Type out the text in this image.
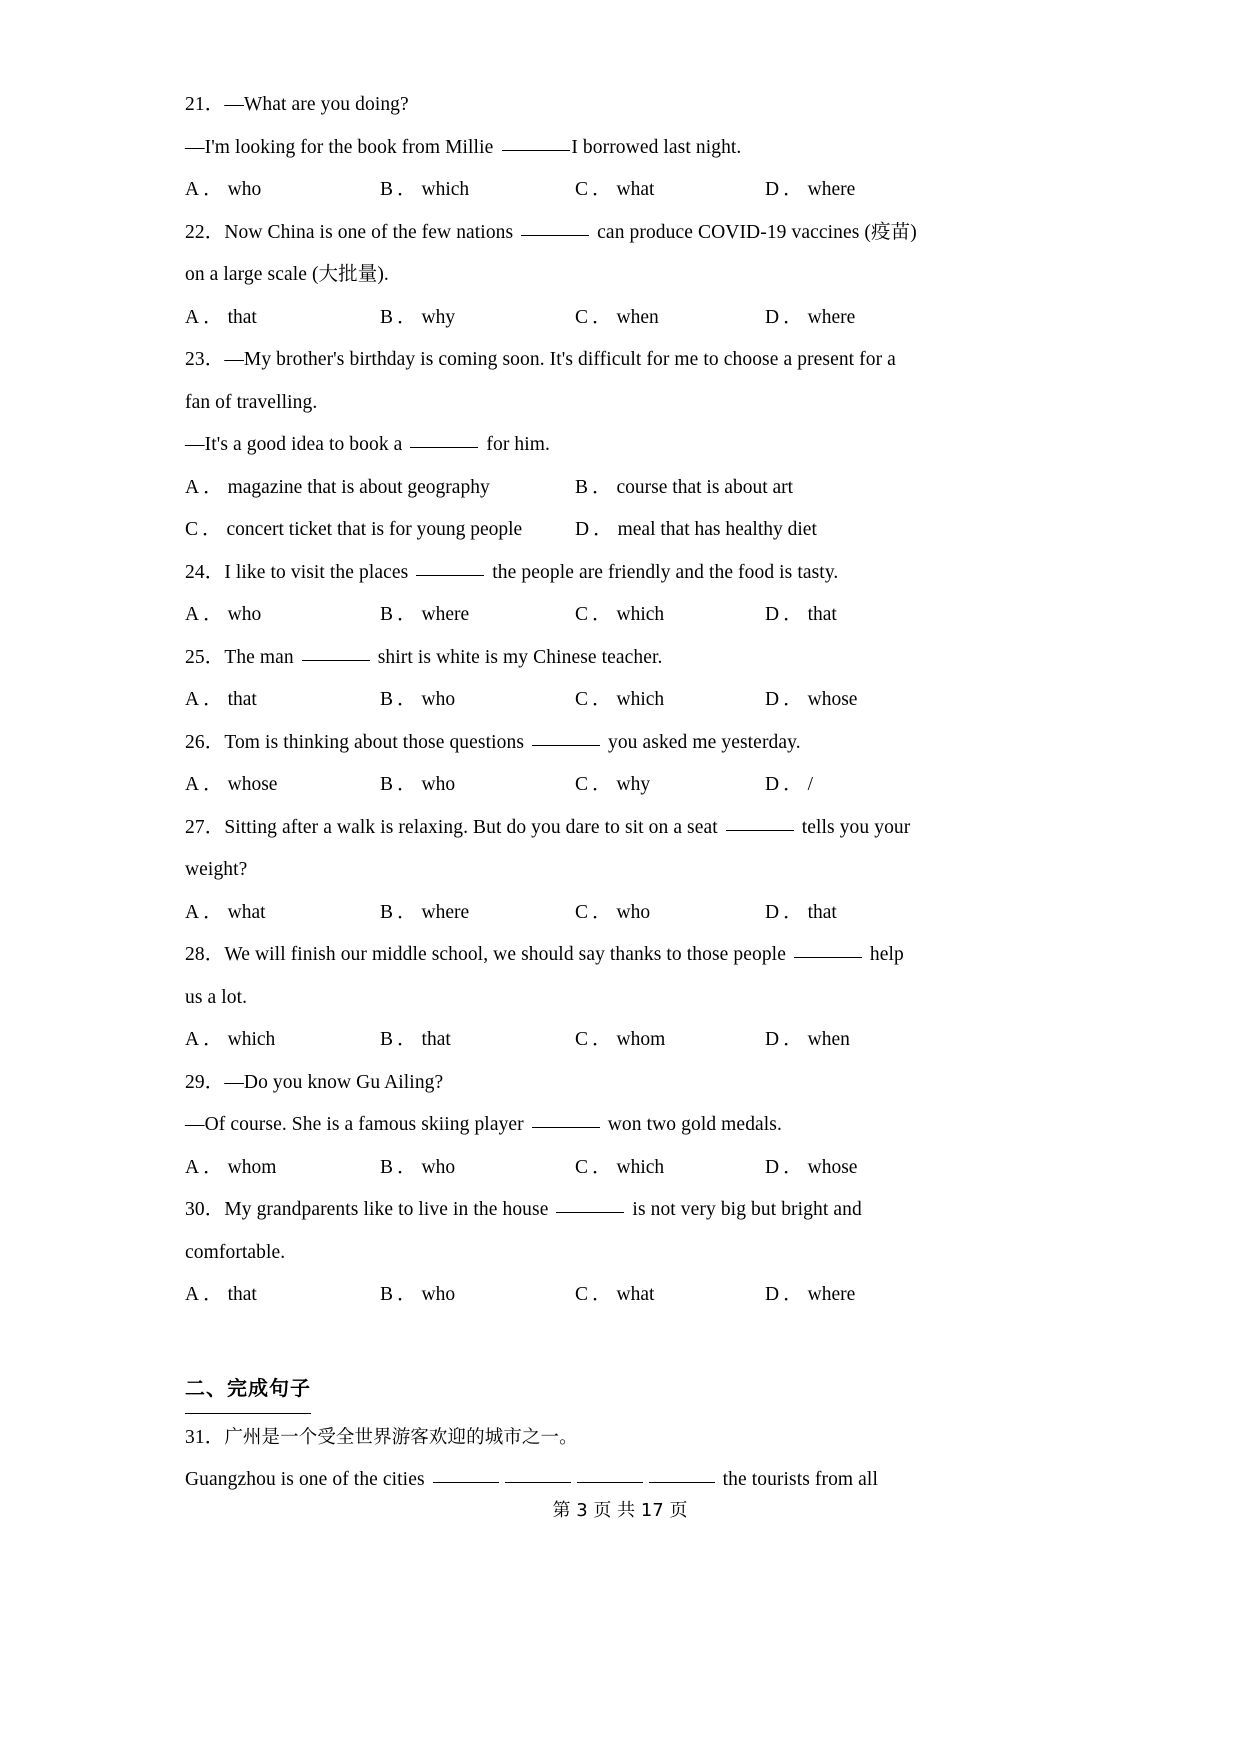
21．—What are you doing?
—I'm looking for the book from Millie	I borrowed last night.
A ． who	B ． which	C ． what	D ． where
22．Now China is one of the few nations	can produce COVID-19 vaccines (疫苗) on a large scale (大批量).
A ． that	B ． why	C ． when	D ． where
23．—My brother's birthday is coming soon. It's difficult for me to choose a present for a fan of travelling.
—It's a good idea to book a	for him.
A ． magazine that is about geography	B ． course that is about art
C ． concert ticket that is for young people	D ． meal that has healthy diet
24．I like to visit the places	the people are friendly and the food is tasty.
A ． who	B ． where	C ． which	D ． that
25．The man	shirt is white is my Chinese teacher.
A ． that	B ． who	C ． which	D ． whose
26．Tom is thinking about those questions	you asked me yesterday.
A ． whose	B ． who	C ． why	D ． /
27．Sitting after a walk is relaxing. But do you dare to sit on a seat	tells you your weight?
A ． what	B ． where	C ． who	D ． that
28．We will finish our middle school, we should say thanks to those people	help us a lot.
A ． which	B ． that	C ． whom	D ． when
29．—Do you know Gu Ailing?
—Of course. She is a famous skiing player	won two gold medals.
A ． whom	B ． who	C ． which	D ． whose
30．My grandparents like to live in the house	is not very big but bright and comfortable.
A ． that	B ． who	C ． what	D ． where
二、完成句子
31．广州是一个受全世界游客欢迎的城市之一。
Guangzhou is one of the cities	the tourists from all
第 3 页 共 17 页
